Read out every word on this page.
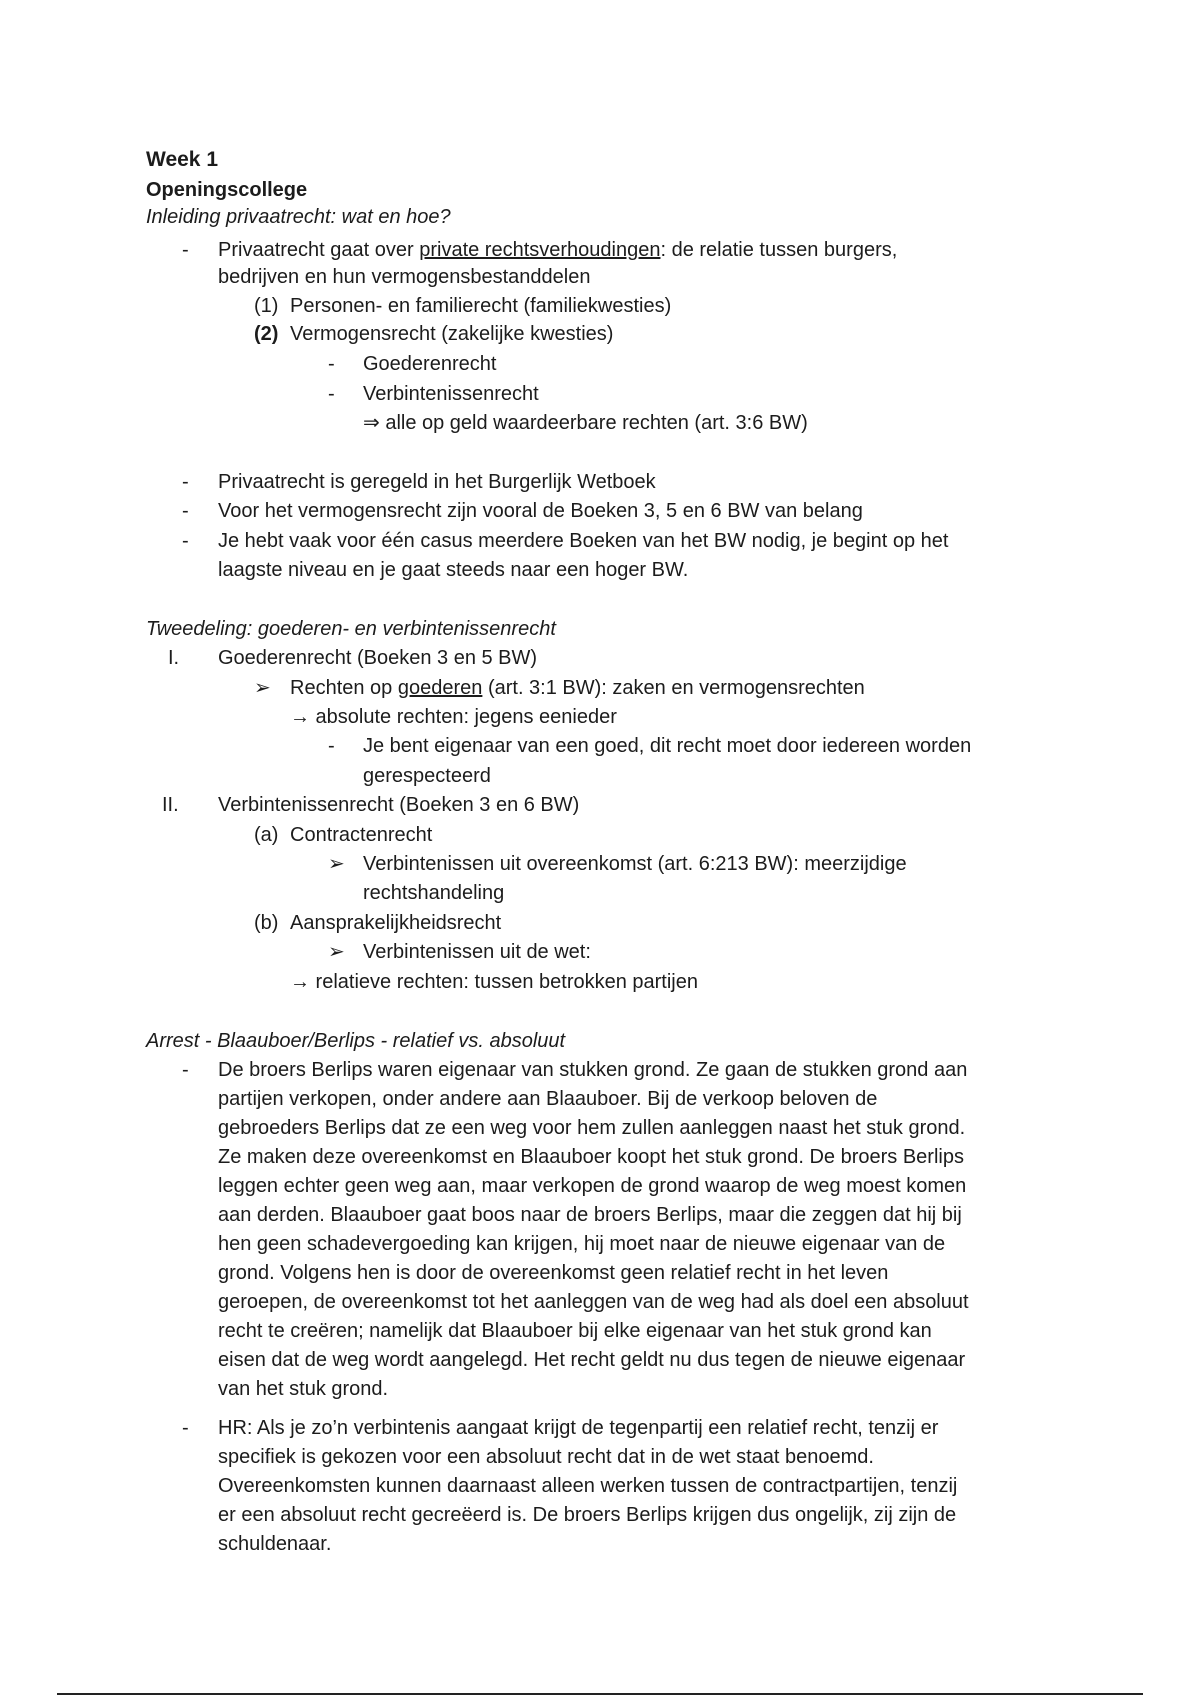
Week 1
Openingscollege
Inleiding privaatrecht: wat en hoe?
- Privaatrecht gaat over private rechtsverhoudingen: de relatie tussen burgers,
bedrijven en hun vermogensbestanddelen
(1) Personen- en familierecht (familiekwesties)
(2) Vermogensrecht (zakelijke kwesties)
- Goederenrecht
- Verbintenissenrecht
⇒ alle op geld waardeerbare rechten (art. 3:6 BW)
- Privaatrecht is geregeld in het Burgerlijk Wetboek
- Voor het vermogensrecht zijn vooral de Boeken 3, 5 en 6 BW van belang
- Je hebt vaak voor één casus meerdere Boeken van het BW nodig, je begint op het
laagste niveau en je gaat steeds naar een hoger BW.
Tweedeling: goederen- en verbintenissenrecht
I. Goederenrecht (Boeken 3 en 5 BW)
➢ Rechten op goederen (art. 3:1 BW): zaken en vermogensrechten
→ absolute rechten: jegens eenieder
- Je bent eigenaar van een goed, dit recht moet door iedereen worden
gerespecteerd
II. Verbintenissenrecht (Boeken 3 en 6 BW)
(a) Contractenrecht
➢ Verbintenissen uit overeenkomst (art. 6:213 BW): meerzijdige
rechtshandeling
(b) Aansprakelijkheidsrecht
➢ Verbintenissen uit de wet:
→ relatieve rechten: tussen betrokken partijen
Arrest - Blaauboer/Berlips - relatief vs. absoluut
- De broers Berlips waren eigenaar van stukken grond. Ze gaan de stukken grond aan
partijen verkopen, onder andere aan Blaauboer. Bij de verkoop beloven de
gebroeders Berlips dat ze een weg voor hem zullen aanleggen naast het stuk grond.
Ze maken deze overeenkomst en Blaauboer koopt het stuk grond. De broers Berlips
leggen echter geen weg aan, maar verkopen de grond waarop de weg moest komen
aan derden. Blaauboer gaat boos naar de broers Berlips, maar die zeggen dat hij bij
hen geen schadevergoeding kan krijgen, hij moet naar de nieuwe eigenaar van de
grond. Volgens hen is door de overeenkomst geen relatief recht in het leven
geroepen, de overeenkomst tot het aanleggen van de weg had als doel een absoluut
recht te creëren; namelijk dat Blaauboer bij elke eigenaar van het stuk grond kan
eisen dat de weg wordt aangelegd. Het recht geldt nu dus tegen de nieuwe eigenaar
van het stuk grond.
- HR: Als je zo’n verbintenis aangaat krijgt de tegenpartij een relatief recht, tenzij er
specifiek is gekozen voor een absoluut recht dat in de wet staat benoemd.
Overeenkomsten kunnen daarnaast alleen werken tussen de contractpartijen, tenzij
er een absoluut recht gecreëerd is. De broers Berlips krijgen dus ongelijk, zij zijn de
schuldenaar.
